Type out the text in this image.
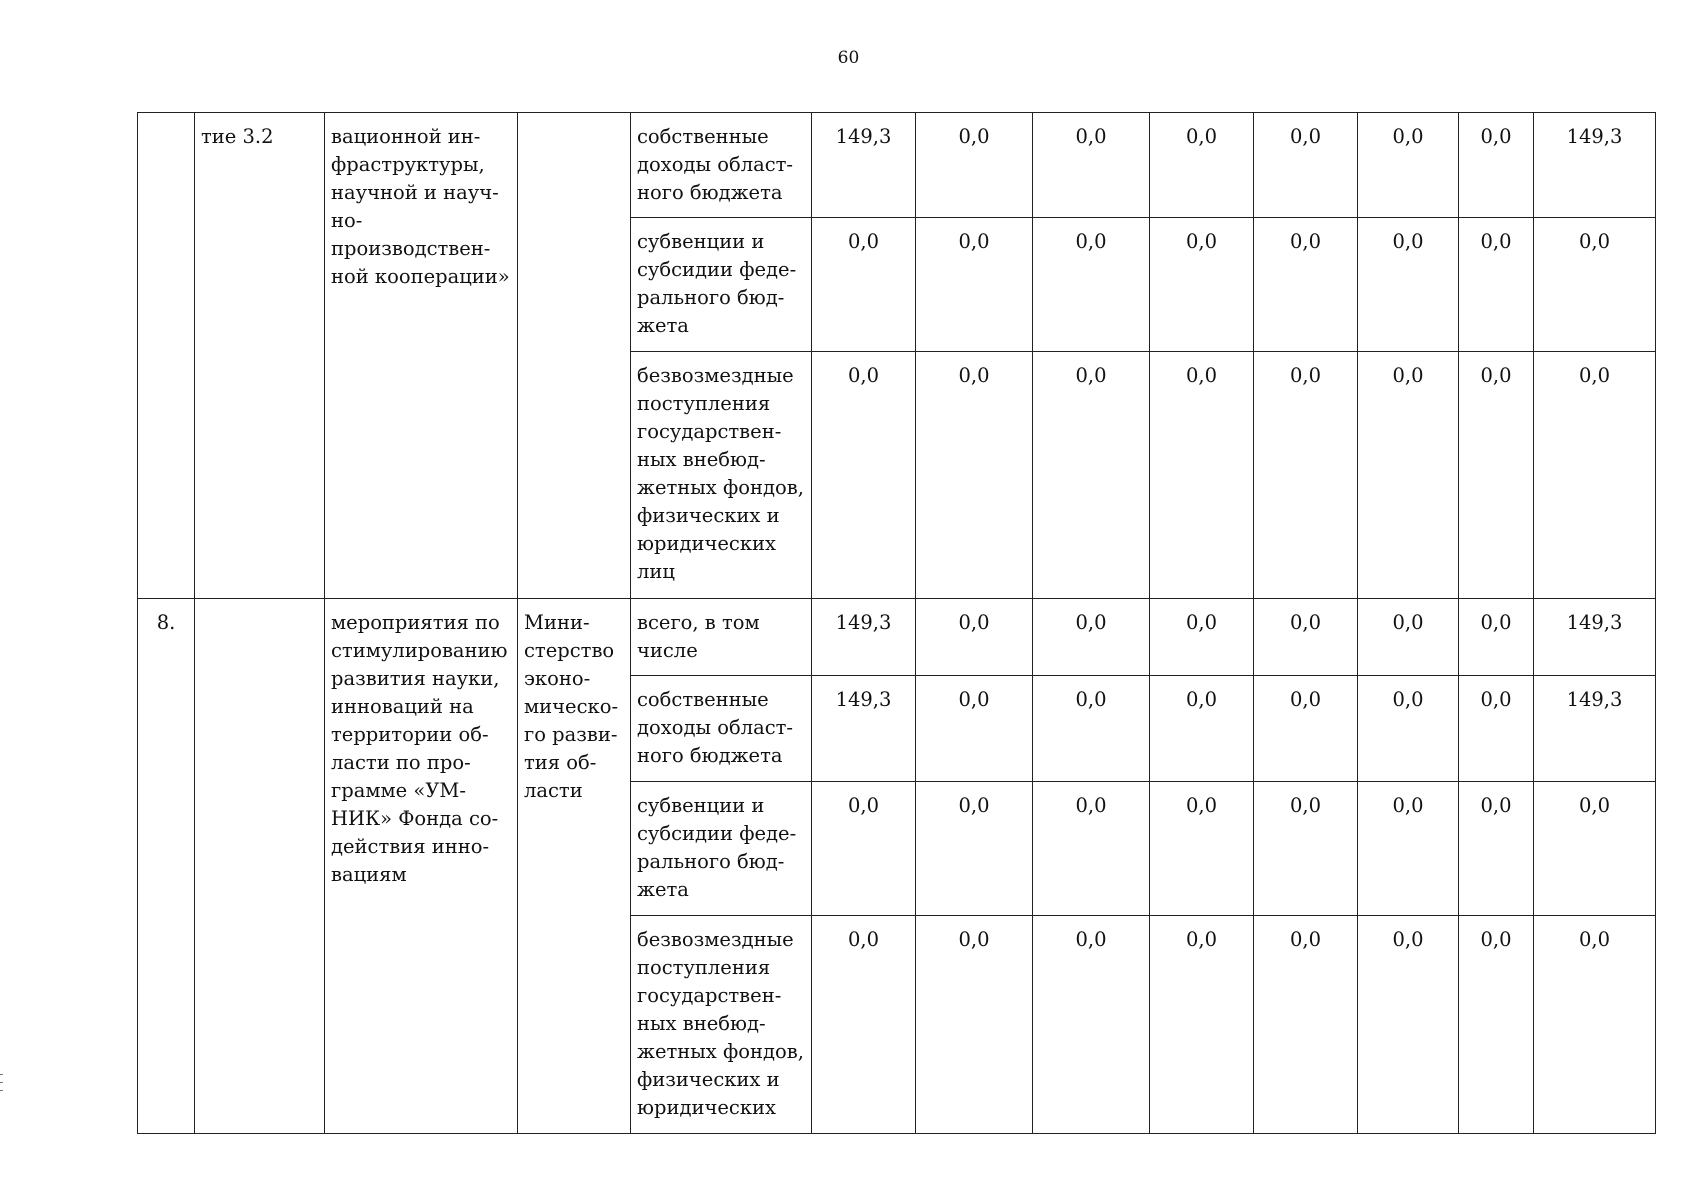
60
	тие 3.2	вационной ин-фраструктуры, научной и науч-но-производствен-ной кооперации»		собственные доходы област-ного бюджета	149,3	0,0	0,0	0,0	0,0	0,0	0,0	149,3
				субвенции и субсидии феде-рального бюд-жета	0,0	0,0	0,0	0,0	0,0	0,0	0,0	0,0
				безвозмездные поступления государствен-ных внебюд-жетных фондов, физических и юридических лиц	0,0	0,0	0,0	0,0	0,0	0,0	0,0	0,0
8.		мероприятия по стимулированию развития науки, инноваций на территории об-ласти по про-грамме «УМ-НИК» Фонда со-действия инно-вациям	Мини-стерство эконо-мическо-го разви-тия об-ласти	всего, в том числе	149,3	0,0	0,0	0,0	0,0	0,0	0,0	149,3
				собственные доходы област-ного бюджета	149,3	0,0	0,0	0,0	0,0	0,0	0,0	149,3
				субвенции и субсидии феде-рального бюд-жета	0,0	0,0	0,0	0,0	0,0	0,0	0,0	0,0
				безвозмездные поступления государствен-ных внебюд-жетных фондов, физических и юридических	0,0	0,0	0,0	0,0	0,0	0,0	0,0	0,0
